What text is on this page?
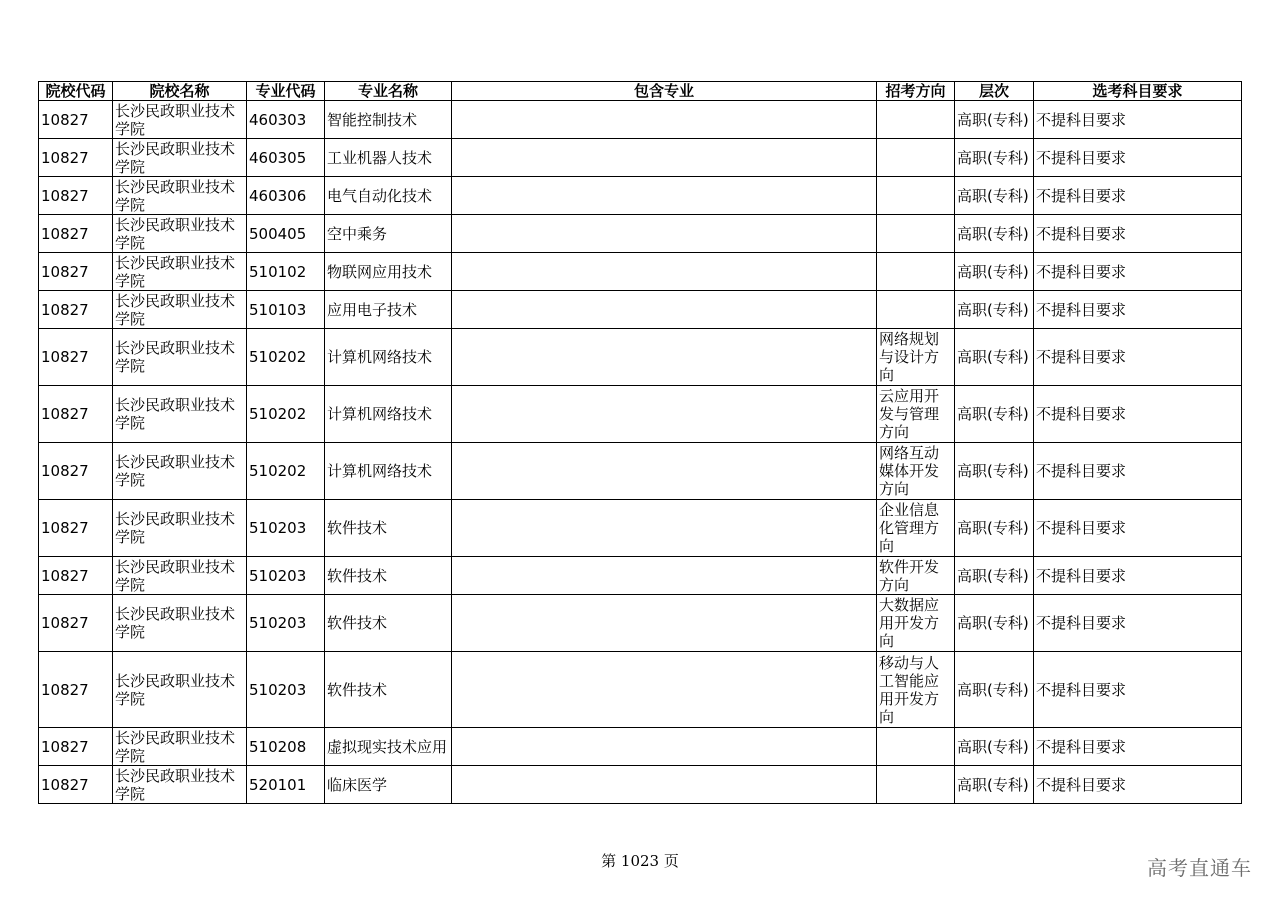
院校代码	院校名称	专业代码	专业名称	包含专业	招考方向	层次	选考科目要求
10827	长沙民政职业技术学院	460303	智能控制技术			高职(专科)	不提科目要求
10827	长沙民政职业技术学院	460305	工业机器人技术			高职(专科)	不提科目要求
10827	长沙民政职业技术学院	460306	电气自动化技术			高职(专科)	不提科目要求
10827	长沙民政职业技术学院	500405	空中乘务			高职(专科)	不提科目要求
10827	长沙民政职业技术学院	510102	物联网应用技术			高职(专科)	不提科目要求
10827	长沙民政职业技术学院	510103	应用电子技术			高职(专科)	不提科目要求
10827	长沙民政职业技术学院	510202	计算机网络技术		网络规划与设计方向	高职(专科)	不提科目要求
10827	长沙民政职业技术学院	510202	计算机网络技术		云应用开发与管理方向	高职(专科)	不提科目要求
10827	长沙民政职业技术学院	510202	计算机网络技术		网络互动媒体开发方向	高职(专科)	不提科目要求
10827	长沙民政职业技术学院	510203	软件技术		企业信息化管理方向	高职(专科)	不提科目要求
10827	长沙民政职业技术学院	510203	软件技术		软件开发方向	高职(专科)	不提科目要求
10827	长沙民政职业技术学院	510203	软件技术		大数据应用开发方向	高职(专科)	不提科目要求
10827	长沙民政职业技术学院	510203	软件技术		移动与人工智能应用开发方向	高职(专科)	不提科目要求
10827	长沙民政职业技术学院	510208	虚拟现实技术应用			高职(专科)	不提科目要求
10827	长沙民政职业技术学院	520101	临床医学			高职(专科)	不提科目要求
第 1023 页	高考直通车
